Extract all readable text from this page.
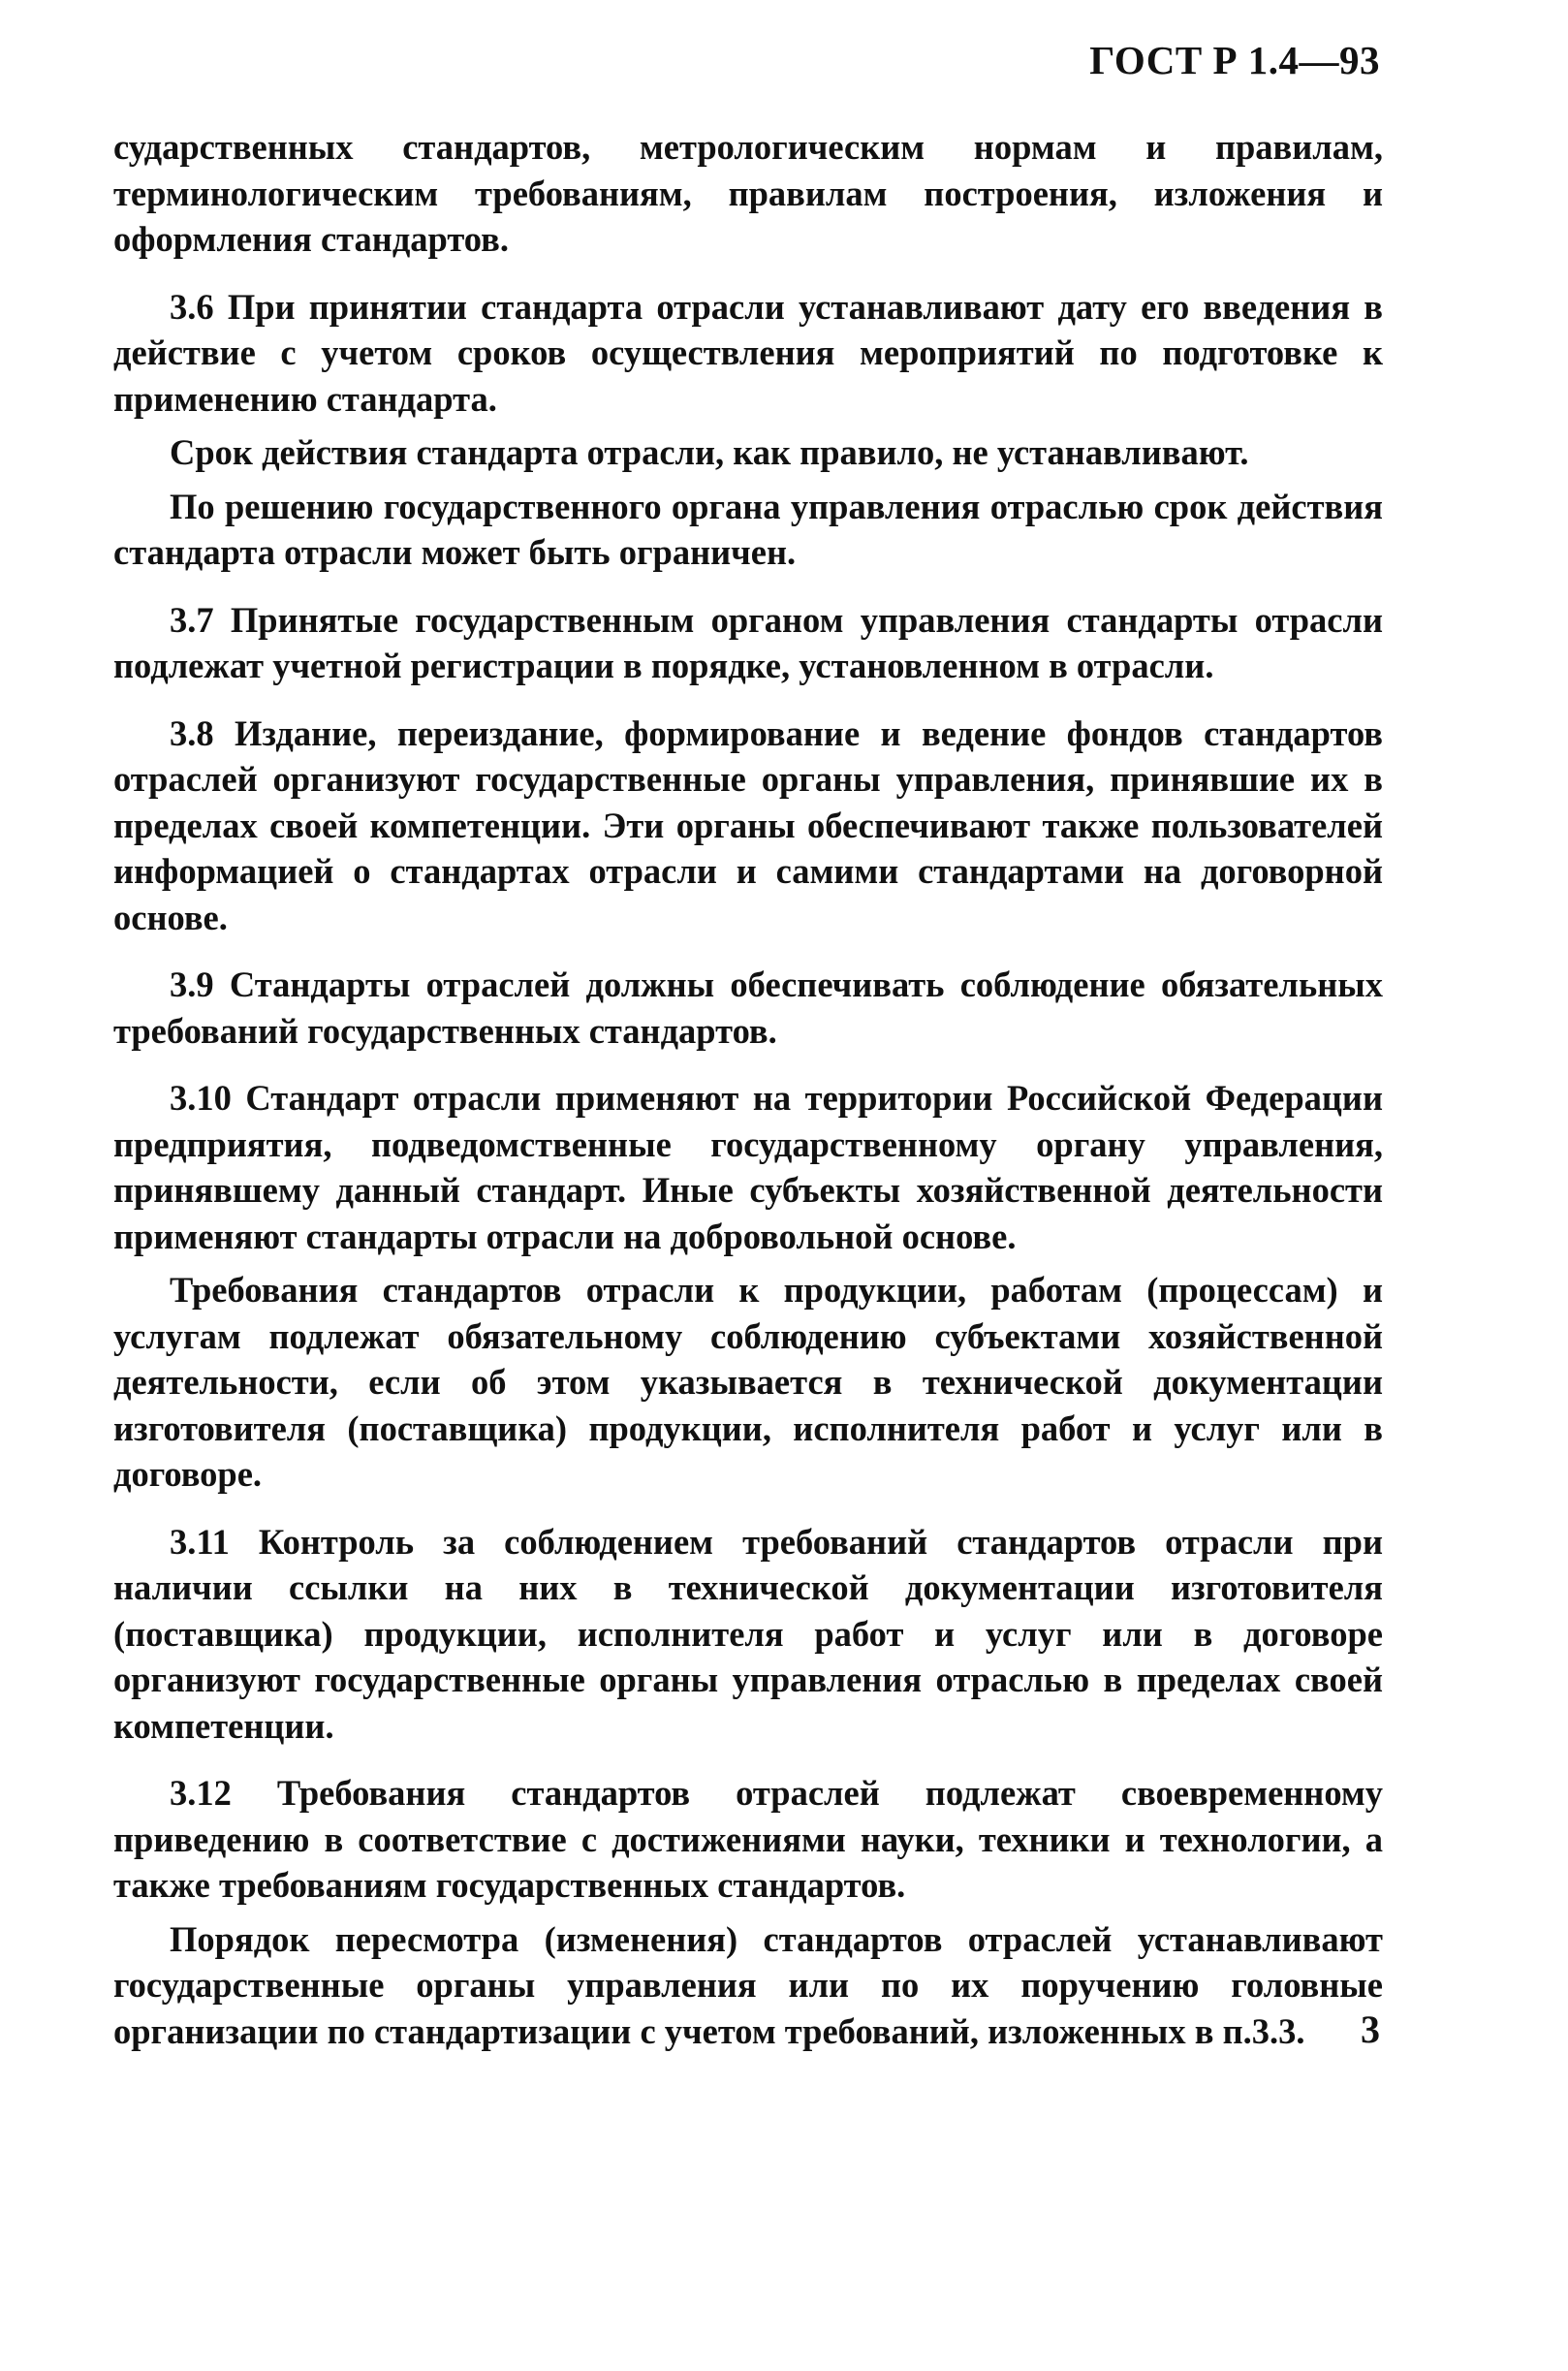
ГОСТ Р 1.4—93

сударственных стандартов, метрологическим нормам и правилам, терминологическим требованиям, правилам построения, изложения и оформления стандартов.

3.6 При принятии стандарта отрасли устанавливают дату его введения в действие с учетом сроков осуществления мероприятий по подготовке к применению стандарта.

Срок действия стандарта отрасли, как правило, не устанавливают.

По решению государственного органа управления отраслью срок действия стандарта отрасли может быть ограничен.

3.7 Принятые государственным органом управления стандарты отрасли подлежат учетной регистрации в порядке, установленном в отрасли.

3.8 Издание, переиздание, формирование и ведение фондов стандартов отраслей организуют государственные органы управления, принявшие их в пределах своей компетенции. Эти органы обеспечивают также пользователей информацией о стандартах отрасли и самими стандартами на договорной основе.

3.9 Стандарты отраслей должны обеспечивать соблюдение обязательных требований государственных стандартов.

3.10 Стандарт отрасли применяют на территории Российской Федерации предприятия, подведомственные государственному органу управления, принявшему данный стандарт. Иные субъекты хозяйственной деятельности применяют стандарты отрасли на добровольной основе.

Требования стандартов отрасли к продукции, работам (процессам) и услугам подлежат обязательному соблюдению субъектами хозяйственной деятельности, если об этом указывается в технической документации изготовителя (поставщика) продукции, исполнителя работ и услуг или в договоре.

3.11 Контроль за соблюдением требований стандартов отрасли при наличии ссылки на них в технической документации изготовителя (поставщика) продукции, исполнителя работ и услуг или в договоре организуют государственные органы управления отраслью в пределах своей компетенции.

3.12 Требования стандартов отраслей подлежат своевременному приведению в соответствие с достижениями науки, техники и технологии, а также требованиям государственных стандартов.

Порядок пересмотра (изменения) стандартов отраслей устанавливают государственные органы управления или по их поручению головные организации по стандартизации с учетом требований, изложенных в п.3.3.	3
